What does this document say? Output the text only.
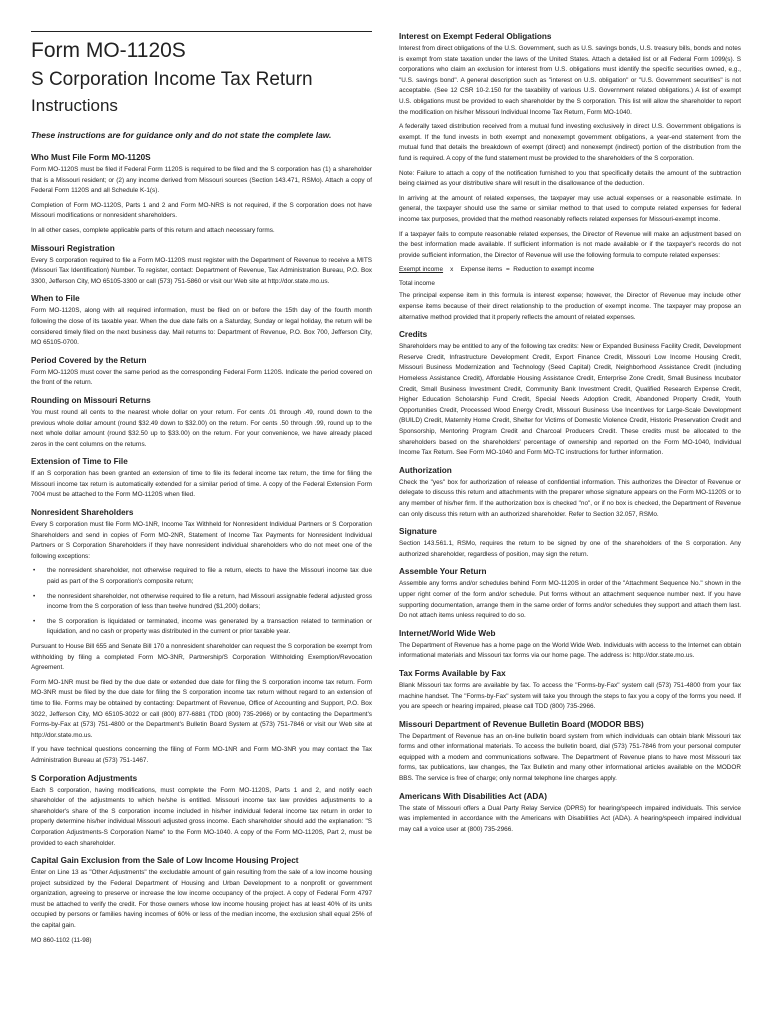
Form MO-1120S
S Corporation Income Tax Return
Instructions
These instructions are for guidance only and do not state the complete law.
Who Must File Form MO-1120S

Form MO-1120S must be filed if Federal Form 1120S is required to be filed and the S corporation has (1) a shareholder that is a Missouri resident; or (2) any income derived from Missouri sources (Section 143.471, RSMo). Attach a copy of Federal Form 1120S and all Schedule K-1(s).

Completion of Form MO-1120S, Parts 1 and 2 and Form MO-NRS is not required, if the S corporation does not have Missouri modifications or nonresident shareholders.

In all other cases, complete applicable parts of this return and attach necessary forms.

Missouri Registration

Every S corporation required to file a Form MO-1120S must register with the Department of Revenue to receive a MITS (Missouri Tax Identification) Number. To register, contact: Department of Revenue, Tax Administration Bureau, P.O. Box 3300, Jefferson City, MO 65105-3300 or call (573) 751-5860 or visit our Web site at http://dor.state.mo.us.

When to File

Form MO-1120S, along with all required information, must be filed on or before the 15th day of the fourth month following the close of its taxable year. When the due date falls on a Saturday, Sunday or legal holiday, the return will be considered timely filed on the next business day. Mail returns to: Department of Revenue, P.O. Box 700, Jefferson City, MO 65105-0700.

Period Covered by the Return

Form MO-1120S must cover the same period as the corresponding Federal Form 1120S. Indicate the period covered on the front of the return.

Rounding on Missouri Returns

You must round all cents to the nearest whole dollar on your return. For cents .01 through .49, round down to the previous whole dollar amount (round $32.49 down to $32.00) on the return. For cents .50 through .99, round up to the next whole dollar amount (round $32.50 up to $33.00) on the return. For your convenience, we have already placed zeros in the cent columns on the returns.

Extension of Time to File

If an S corporation has been granted an extension of time to file its federal income tax return, the time for filing the Missouri income tax return is automatically extended for a similar period of time. A copy of the Federal Extension Form 7004 must be attached to the Form MO-1120S when filed.

Nonresident Shareholders

Every S corporation must file Form MO-1NR, Income Tax Withheld for Nonresident Individual Partners or S Corporation Shareholders and send in copies of Form MO-2NR, Statement of Income Tax Payments for Nonresident Individual Partners or S Corporation Shareholders if they have nonresident individual shareholders who do not meet one of the following exceptions:

• the nonresident shareholder, not otherwise required to file a return, elects to have the Missouri income tax due paid as part of the S corporation's composite return;
• the nonresident shareholder, not otherwise required to file a return, had Missouri assignable federal adjusted gross income from the S corporation of less than twelve hundred ($1,200) dollars;
• the S corporation is liquidated or terminated, income was generated by a transaction related to termination or liquidation, and no cash or property was distributed in the current or prior taxable year.

Pursuant to House Bill 655 and Senate Bill 170 a nonresident shareholder can request the S corporation be exempt from withholding by filing a completed Form MO-3NR, Partnership/S Corporation Withholding Exemption/Revocation Agreement.

Form MO-1NR must be filed by the due date or extended due date for filing the S corporation income tax return. Form MO-3NR must be filed by the due date for filing the S corporation income tax return without regard to an extension of time to file. Forms may be obtained by contacting: Department of Revenue, Office of Accounting and Support, P.O. Box 3022, Jefferson City, MO 65105-3022 or call (800) 877-6881 (TDD (800) 735-2966) or by contacting the Department's Forms-by-Fax at (573) 751-4800 or the Department's Bulletin Board System at (573) 751-7846 or visit our Web site at http://dor.state.mo.us.

If you have technical questions concerning the filing of Form MO-1NR and Form MO-3NR you may contact the Tax Administration Bureau at (573) 751-1467.

S Corporation Adjustments

Each S corporation, having modifications, must complete the Form MO-1120S, Parts 1 and 2, and notify each shareholder of the adjustments to which he/she is entitled. Missouri income tax law provides adjustments to a shareholder's share of the S corporation income included in his/her individual federal income tax return in order to properly determine his/her individual Missouri adjusted gross income. Each shareholder should add the explanation: "S Corporation Adjustments-S Corporation Name" to the Form MO-1040. A copy of the Form MO-1120S, Part 2, must be provided to each shareholder.

Capital Gain Exclusion from the Sale of Low Income Housing Project

Enter on Line 13 as "Other Adjustments" the excludable amount of gain resulting from the sale of a low income housing project subsidized by the Federal Department of Housing and Urban Development to a nonprofit or government organization, agreeing to preserve or increase the low income occupancy of the project. A copy of Federal Form 4797 must be attached to verify the credit. For those owners whose low income housing project has at least 40% of its units occupied by persons or families having incomes of 60% or less of the median income, the exclusion shall equal 25% of the capital gain.

MO 860-1102 (11-98)
Interest on Exempt Federal Obligations

Interest from direct obligations of the U.S. Government, such as U.S. savings bonds, U.S. treasury bills, bonds and notes is exempt from state taxation under the laws of the United States. Attach a detailed list or all Federal Form 1099(s). S corporations who claim an exclusion for interest from U.S. obligations must identify the specific securities owned, e.g., "U.S. savings bond". A general description such as "interest on U.S. obligation" or "U.S. Government securities" is not acceptable. (See 12 CSR 10-2.150 for the taxability of various U.S. Government related obligations.) A list of exempt U.S. obligations must be provided to each shareholder by the S corporation. This list will allow the shareholder to report the modification on his/her Missouri Individual Income Tax Return, Form MO-1040.

A federally taxed distribution received from a mutual fund investing exclusively in direct U.S. Government obligations is exempt. If the fund invests in both exempt and nonexempt government obligations, a year-end statement from the mutual fund that details the breakdown of exempt (direct) and nonexempt (indirect) portion of the distribution from the fund is required. A copy of the fund statement must be provided to the shareholders of the S corporation.

Note: Failure to attach a copy of the notification furnished to you that specifically details the amount of the subtraction being claimed as your distributive share will result in the disallowance of the deduction.

In arriving at the amount of related expenses, the taxpayer may use actual expenses or a reasonable estimate. In general, the taxpayer should use the same or similar method to that used to compute related expenses for federal income tax purposes, provided that the method reasonably reflects related expenses for Missouri-exempt income.

If a taxpayer fails to compute reasonable related expenses, the Director of Revenue will make an adjustment based on the best information made available. If sufficient information is not made available or if the taxpayer's records do not provide sufficient information, the Director of Revenue will use the following formula to compute related expenses:

Exempt income x Expense items = Reduction to exempt income
Total income

The principal expense item in this formula is interest expense; however, the Director of Revenue may include other expense items because of their direct relationship to the production of exempt income. The taxpayer may propose an alternative method provided that it properly reflects the amount of related expenses.

Credits

Shareholders may be entitled to any of the following tax credits: New or Expanded Business Facility Credit, Development Reserve Credit, Infrastructure Development Credit, Export Finance Credit, Missouri Low Income Housing Credit, Missouri Business Modernization and Technology (Seed Capital) Credit, Neighborhood Assistance Credit (including Homeless Assistance Credit), Affordable Housing Assistance Credit, Enterprise Zone Credit, Small Business Incubator Credit, Small Business Investment Credit, Community Bank Investment Credit, Qualified Research Expense Credit, Higher Education Scholarship Fund Credit, Special Needs Adoption Credit, Abandoned Property Credit, Youth Opportunities Credit, Processed Wood Energy Credit, Missouri Business Use Incentives for Large-Scale Development (BUILD) Credit, Maternity Home Credit, Shelter for Victims of Domestic Violence Credit, Historic Preservation Credit and Sponsorship, Mentoring Program Credit and Charcoal Producers Credit. These credits must be allocated to the shareholders based on the shareholders' percentage of ownership and reported on the Form MO-1040, Individual Income Tax Return. See Form MO-1040 and Form MO-TC instructions for further information.

Authorization

Check the "yes" box for authorization of release of confidential information. This authorizes the Director of Revenue or delegate to discuss this return and attachments with the preparer whose signature appears on the Form MO-1120S or to any member of his/her firm. If the authorization box is checked "no", or if no box is checked, the Department of Revenue can only discuss this return with an authorized shareholder. Refer to Section 32.057, RSMo.

Signature

Section 143.561.1, RSMo, requires the return to be signed by one of the shareholders of the S corporation. Any authorized shareholder, regardless of position, may sign the return.

Assemble Your Return

Assemble any forms and/or schedules behind Form MO-1120S in order of the "Attachment Sequence No." shown in the upper right corner of the form and/or schedule. Put forms without an attachment sequence number next. If you have supporting documentation, arrange them in the same order of forms and/or schedules they support and attach them last. Do not attach items unless required to do so.

Internet/World Wide Web

The Department of Revenue has a home page on the World Wide Web. Individuals with access to the Internet can obtain informational materials and Missouri tax forms via our home page. The address is: http://dor.state.mo.us.

Tax Forms Available by Fax

Blank Missouri tax forms are available by fax. To access the "Forms-by-Fax" system call (573) 751-4800 from your fax machine handset. The "Forms-by-Fax" system will take you through the steps to fax you a copy of the forms you need. If you are speech or hearing impaired, please call TDD (800) 735-2966.

Missouri Department of Revenue Bulletin Board (MODOR BBS)

The Department of Revenue has an on-line bulletin board system from which individuals can obtain blank Missouri tax forms and other informational materials. To access the bulletin board, dial (573) 751-7846 from your personal computer equipped with a modem and communications software. The Department of Revenue plans to have most Missouri tax forms, tax publications, law changes, the Tax Bulletin and many other informational articles available on the MODOR BBS. The service is free of charge; only normal telephone line charges apply.

Americans With Disabilities Act (ADA)

The state of Missouri offers a Dual Party Relay Service (DPRS) for hearing/speech impaired individuals. This service was implemented in accordance with the Americans with Disabilities Act (ADA). A hearing/speech impaired individual may call a voice user at (800) 735-2966.
